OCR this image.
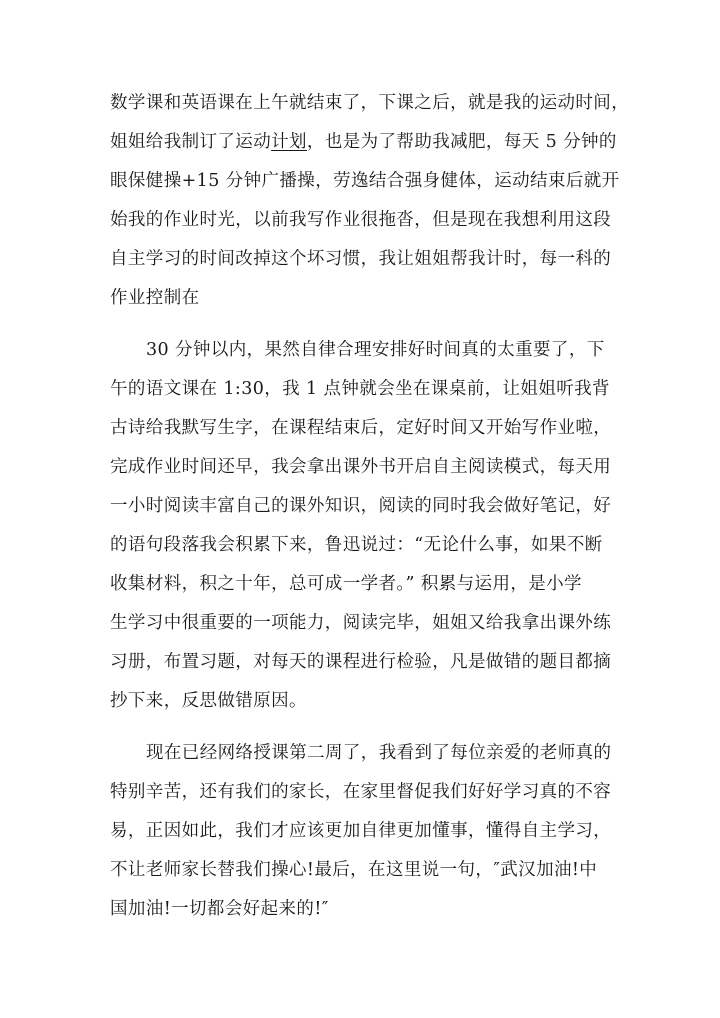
数学课和英语课在上午就结束了，下课之后，就是我的运动时间，
姐姐给我制订了运动计划，也是为了帮助我减肥，每天 5 分钟的
眼保健操+15 分钟广播操，劳逸结合强身健体，运动结束后就开
始我的作业时光，以前我写作业很拖沓，但是现在我想利用这段
自主学习的时间改掉这个坏习惯，我让姐姐帮我计时，每一科的
作业控制在
30 分钟以内，果然自律合理安排好时间真的太重要了，下
午的语文课在 1:30，我 1 点钟就会坐在课桌前，让姐姐听我背
古诗给我默写生字，在课程结束后，定好时间又开始写作业啦，
完成作业时间还早，我会拿出课外书开启自主阅读模式，每天用
一小时阅读丰富自己的课外知识，阅读的同时我会做好笔记，好
的语句段落我会积累下来，鲁迅说过：“无论什么事，如果不断
收集材料，积之十年，总可成一学者。” 积累与运用，是小学
生学习中很重要的一项能力，阅读完毕，姐姐又给我拿出课外练
习册，布置习题，对每天的课程进行检验，凡是做错的题目都摘
抄下来，反思做错原因。
现在已经网络授课第二周了，我看到了每位亲爱的老师真的
特别辛苦，还有我们的家长，在家里督促我们好好学习真的不容
易，正因如此，我们才应该更加自律更加懂事，懂得自主学习，
不让老师家长替我们操心!最后，在这里说一句，″武汉加油!中
国加油!一切都会好起来的!″
